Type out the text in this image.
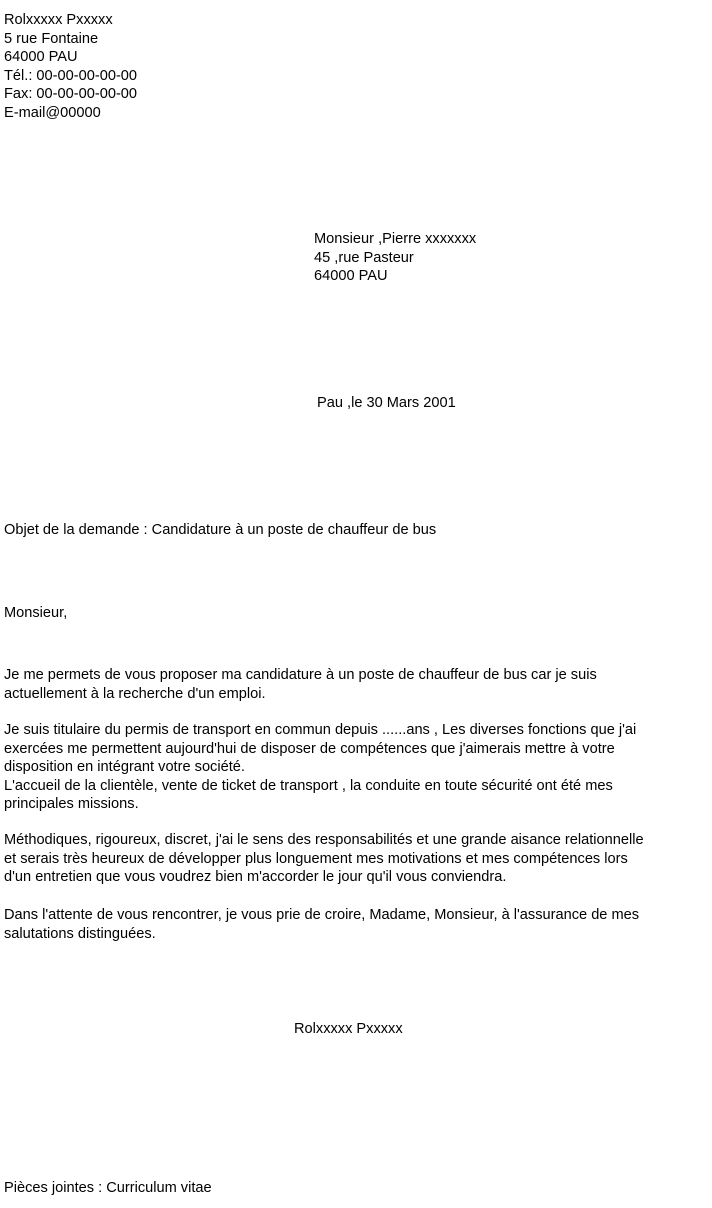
Rolxxxxx Pxxxxx
5 rue Fontaine
64000 PAU
Tél.: 00-00-00-00-00
Fax: 00-00-00-00-00
E-mail@00000
Monsieur ,Pierre xxxxxxx
45 ,rue Pasteur
64000 PAU
Pau ,le 30 Mars 2001
Objet de la demande : Candidature à un poste de chauffeur de bus
Monsieur,
Je me permets de vous proposer ma candidature à un poste de chauffeur de bus car je suis
actuellement à la recherche d'un emploi.
Je suis titulaire du permis de transport en commun depuis ......ans , Les diverses fonctions que j'ai
exercées me permettent aujourd'hui de disposer de compétences que j'aimerais mettre à votre
disposition en intégrant votre société.
L'accueil de la clientèle, vente de ticket de transport , la conduite en toute sécurité ont été mes
principales missions.
Méthodiques, rigoureux, discret, j'ai le sens des responsabilités et une grande aisance relationnelle
et serais très heureux de développer plus longuement mes motivations et mes compétences lors
d'un entretien que vous voudrez bien m'accorder le jour qu'il vous conviendra.
Dans l'attente de vous rencontrer, je vous prie de croire, Madame, Monsieur, à l'assurance de mes
salutations distinguées.
Rolxxxxx Pxxxxx
Pièces jointes : Curriculum vitae
